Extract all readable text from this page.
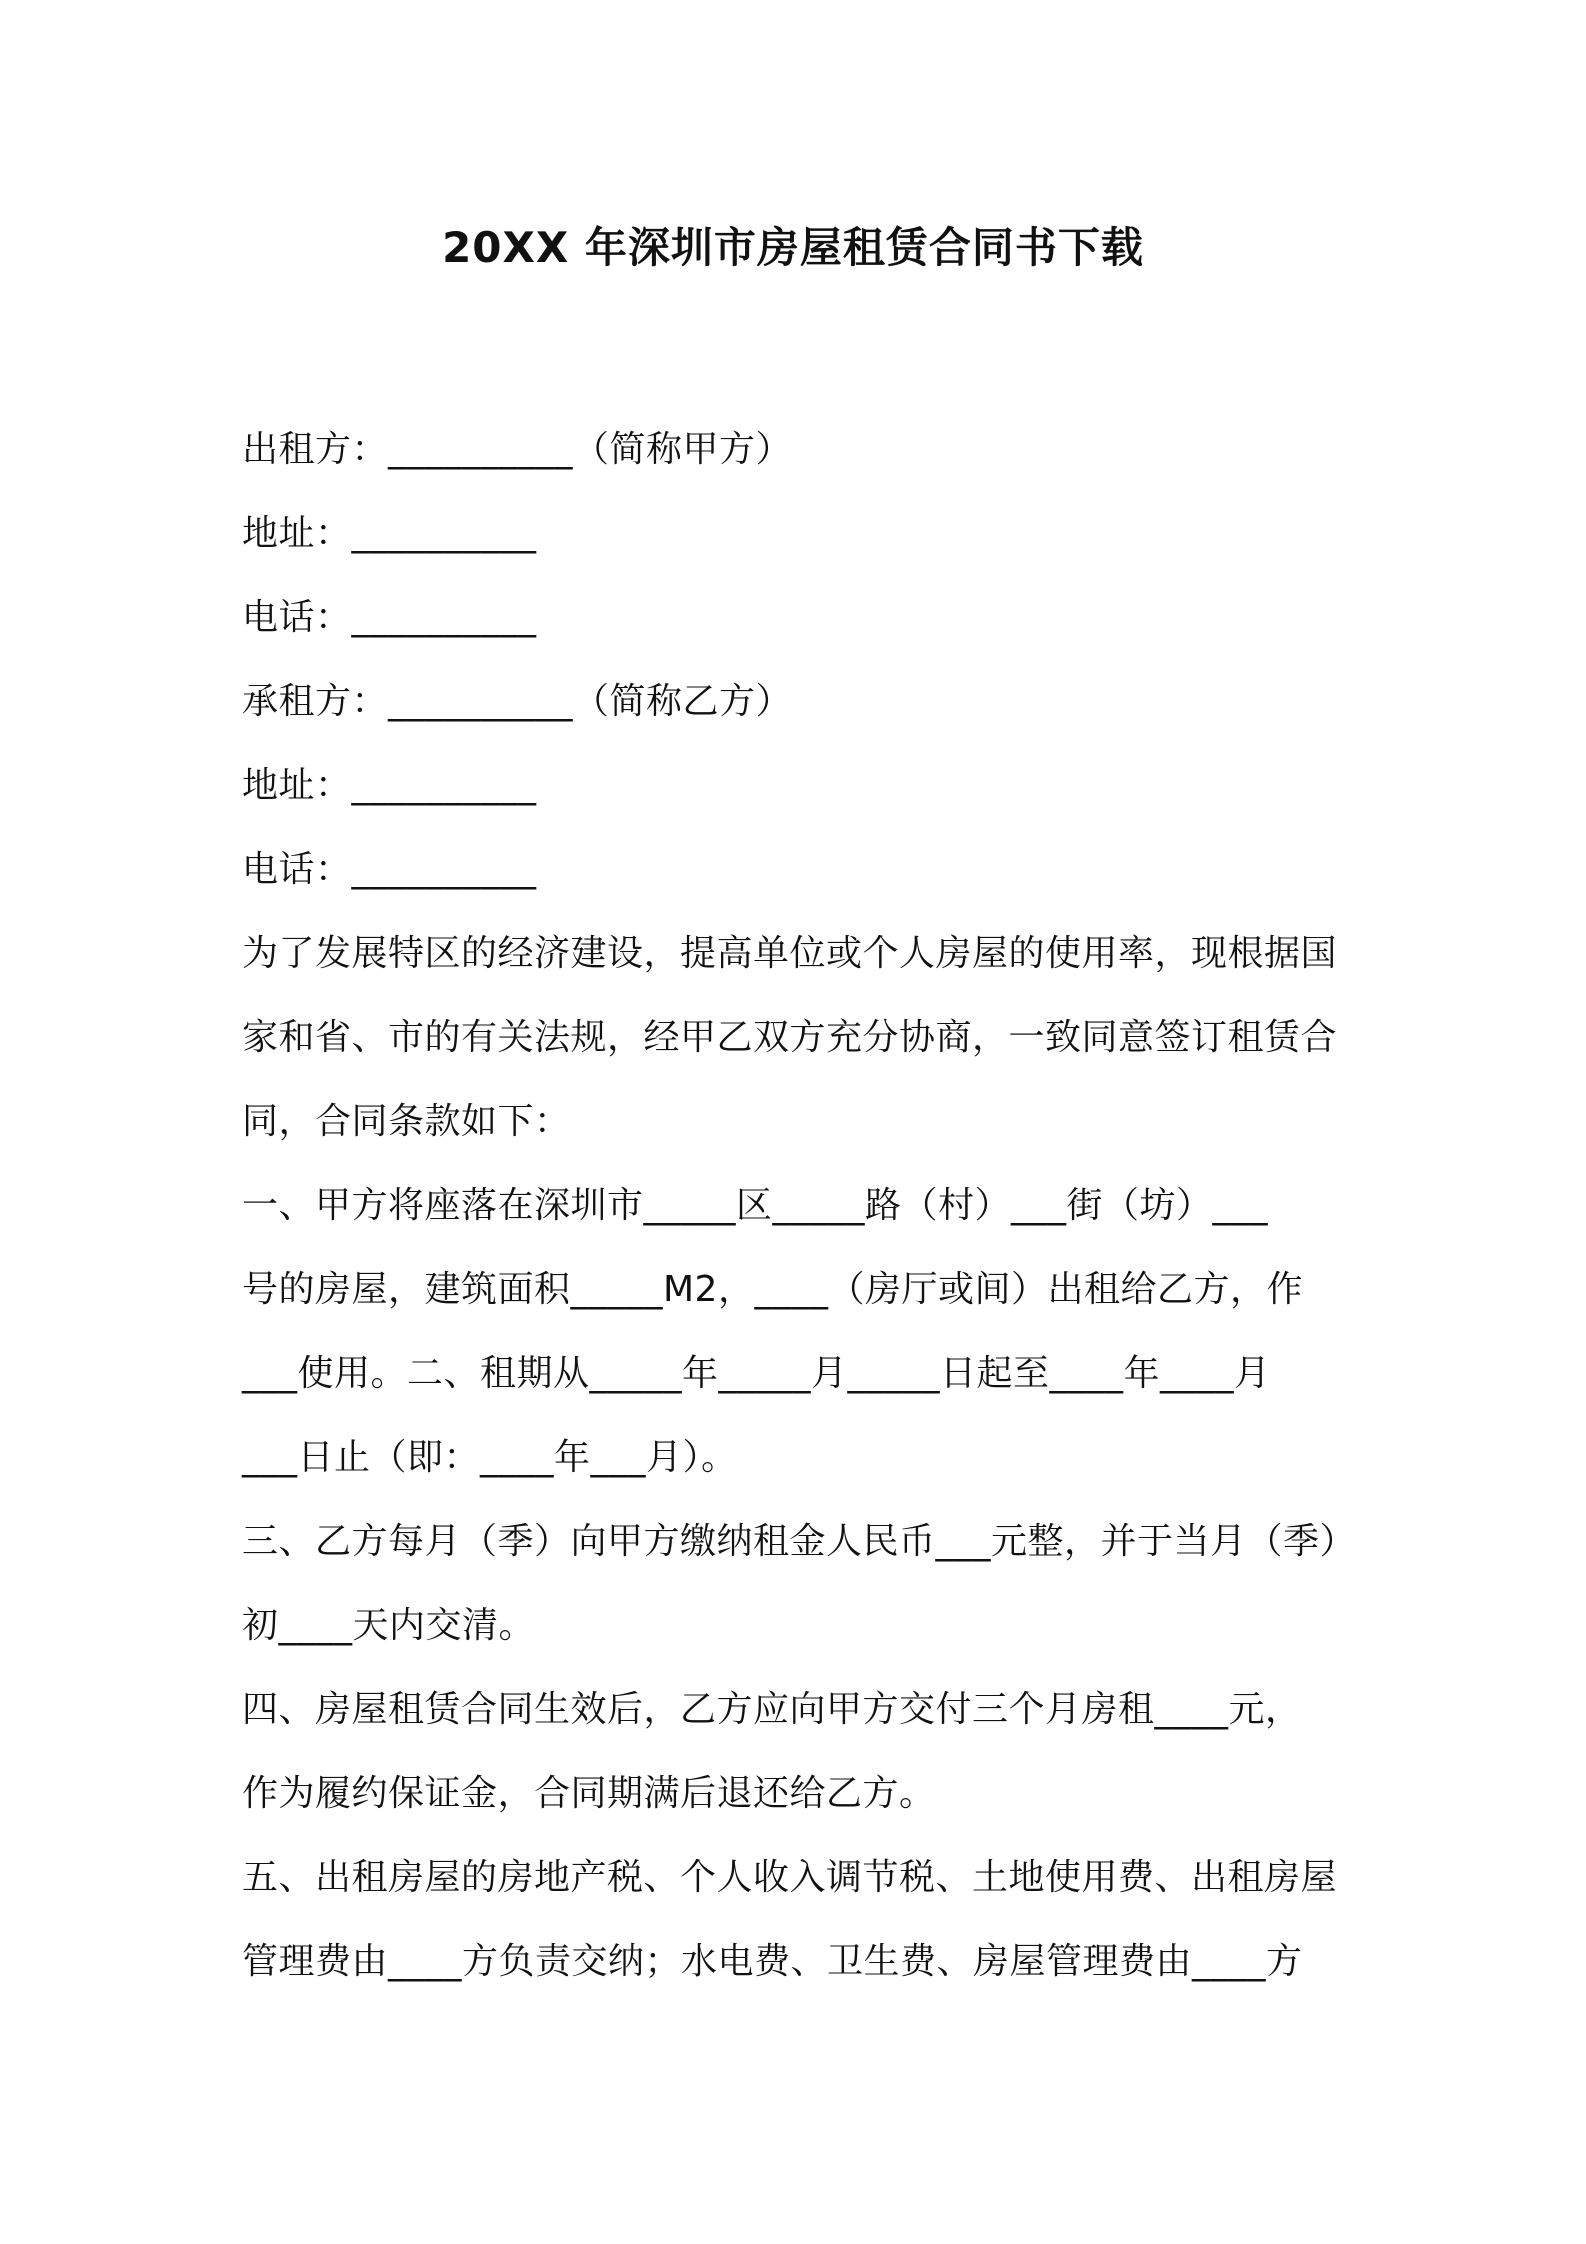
20XX 年深圳市房屋租赁合同书下载
出租方：__________（简称甲方）
地址：__________
电话：__________
承租方：__________（简称乙方）
地址：__________
电话：__________
为了发展特区的经济建设，提高单位或个人房屋的使用率，现根据国
家和省、市的有关法规，经甲乙双方充分协商，一致同意签订租赁合
同，合同条款如下：
一、甲方将座落在深圳市_____区_____路（村）___街（坊）___
号的房屋，建筑面积_____M2，____（房厅或间）出租给乙方，作
___使用。二、租期从_____年_____月_____日起至____年____月
___日止（即：____年___月）。
三、乙方每月（季）向甲方缴纳租金人民币___元整，并于当月（季）
初____天内交清。
四、房屋租赁合同生效后，乙方应向甲方交付三个月房租____元，
作为履约保证金，合同期满后退还给乙方。
五、出租房屋的房地产税、个人收入调节税、土地使用费、出租房屋
管理费由____方负责交纳；水电费、卫生费、房屋管理费由____方
